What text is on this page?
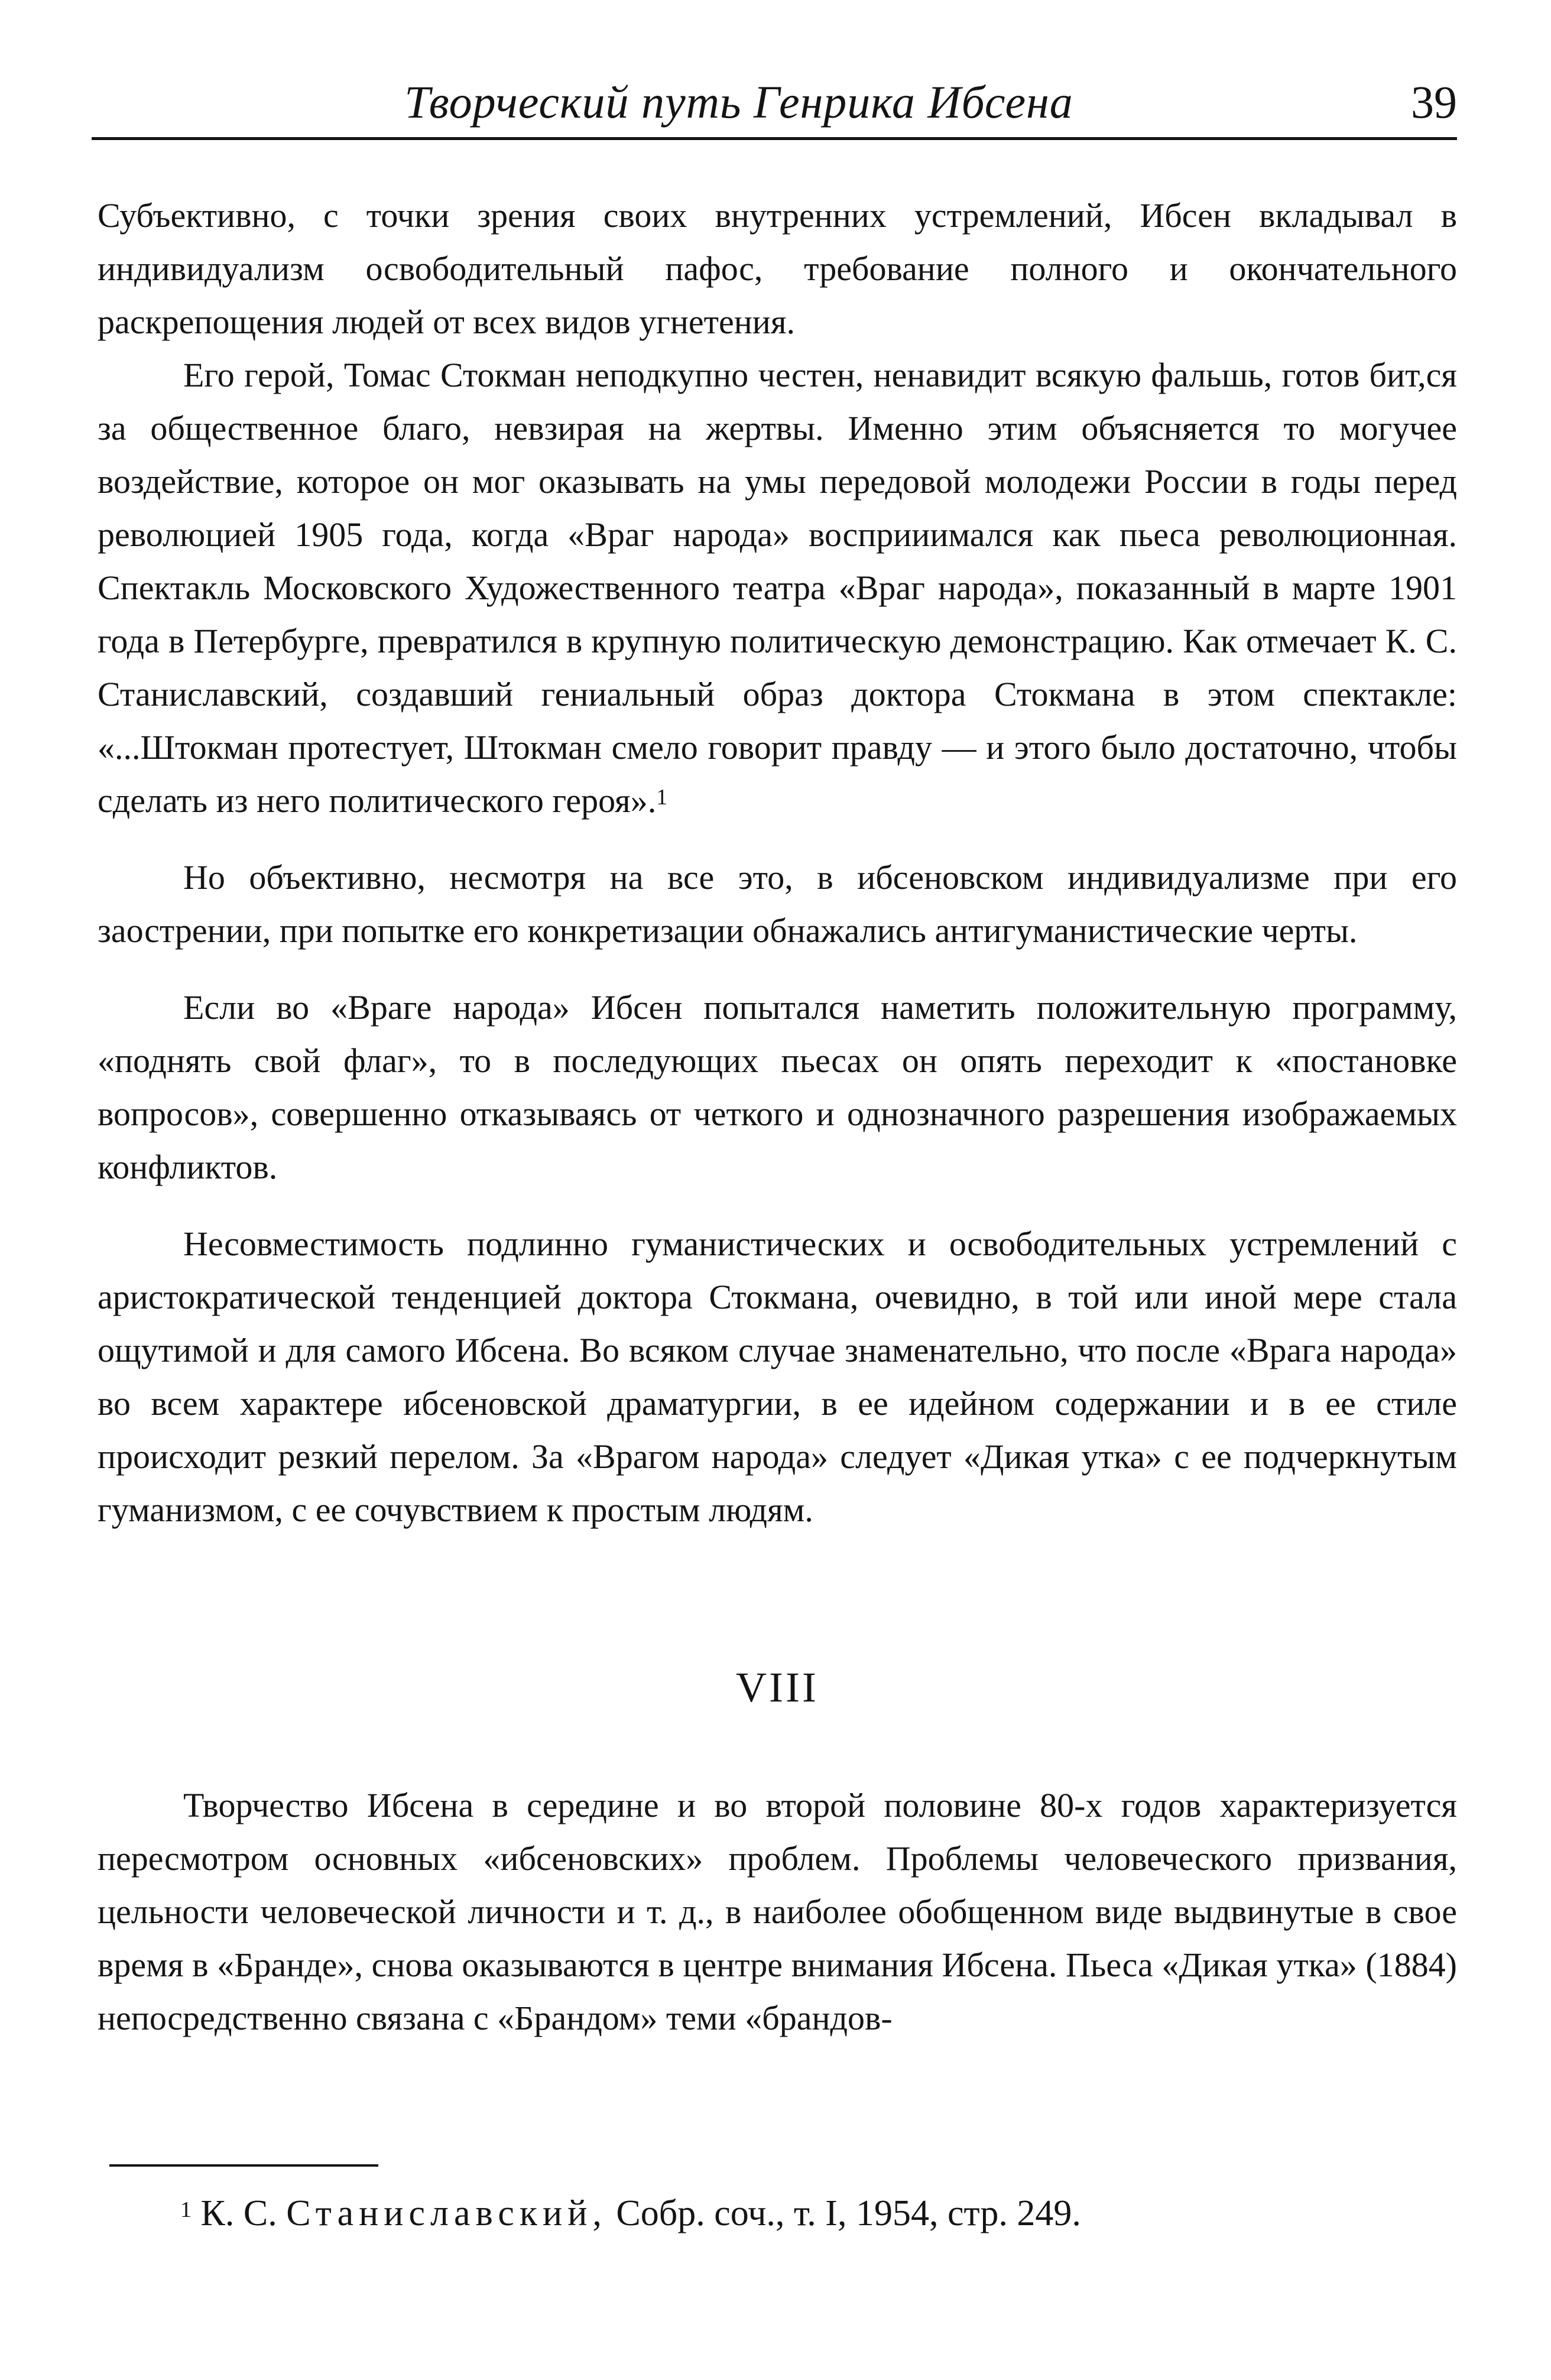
Творческий путь Генрика Ибсена	39

Субъективно, с точки зрения своих внутренних устремлений, Ибсен вкладывал в индивидуализм освободительный пафос, требование полного и окончательного раскрепощения людей от всех видов угнетения.

Его герой, Томас Стокман неподкупно честен, ненавидит всякую фальшь, готов бит,ся за общественное благо, невзирая на жертвы. Именно этим объясняется то могучее воздействие, которое он мог оказывать на умы передовой молодежи России в годы перед революцией 1905 года, когда «Враг народа» восприиимался как пьеса революционная. Спектакль Московского Художественного театра «Враг народа», показанный в марте 1901 года в Петербурге, превратился в крупную политическую демонстрацию. Как отмечает К. С. Станиславский, создавший гениальный образ доктора Стокмана в этом спектакле: «...Штокман протестует, Штокман смело говорит правду — и этого было достаточно, чтобы сделать из него политического героя».$^1$

Но объективно, несмотря на все это, в ибсеновском индивидуализме при его заострении, при попытке его конкретизации обнажались антигуманистические черты.

Если во «Враге народа» Ибсен попытался наметить положительную программу, «поднять свой флаг», то в последующих пьесах он опять переходит к «постановке вопросов», совершенно отказываясь от четкого и однозначного разрешения изображаемых конфликтов.

Несовместимость подлинно гуманистических и освободительных устремлений с аристократической тенденцией доктора Стокмана, очевидно, в той или иной мере стала ощутимой и для самого Ибсена. Во всяком случае знаменательно, что после «Врага народа» во всем характере ибсеновской драматургии, в ее идейном содержании и в ее стиле происходит резкий перелом. За «Врагом народа» следует «Дикая утка» с ее подчеркнутым гуманизмом, с ее сочувствием к простым людям.

VIII

Творчество Ибсена в середине и во второй половине 80-х годов характеризуется пересмотром основных «ибсеновских» проблем. Проблемы человеческого призвания, цельности человеческой личности и т. д., в наиболее обобщенном виде выдвинутые в свое время в «Бранде», снова оказываются в центре внимания Ибсена. Пьеса «Дикая утка» (1884) непосредственно связана с «Брандом» теми «брандов-

$^1$ К. С. Станиславский, Собр. соч., т. I, 1954, стр. 249.
